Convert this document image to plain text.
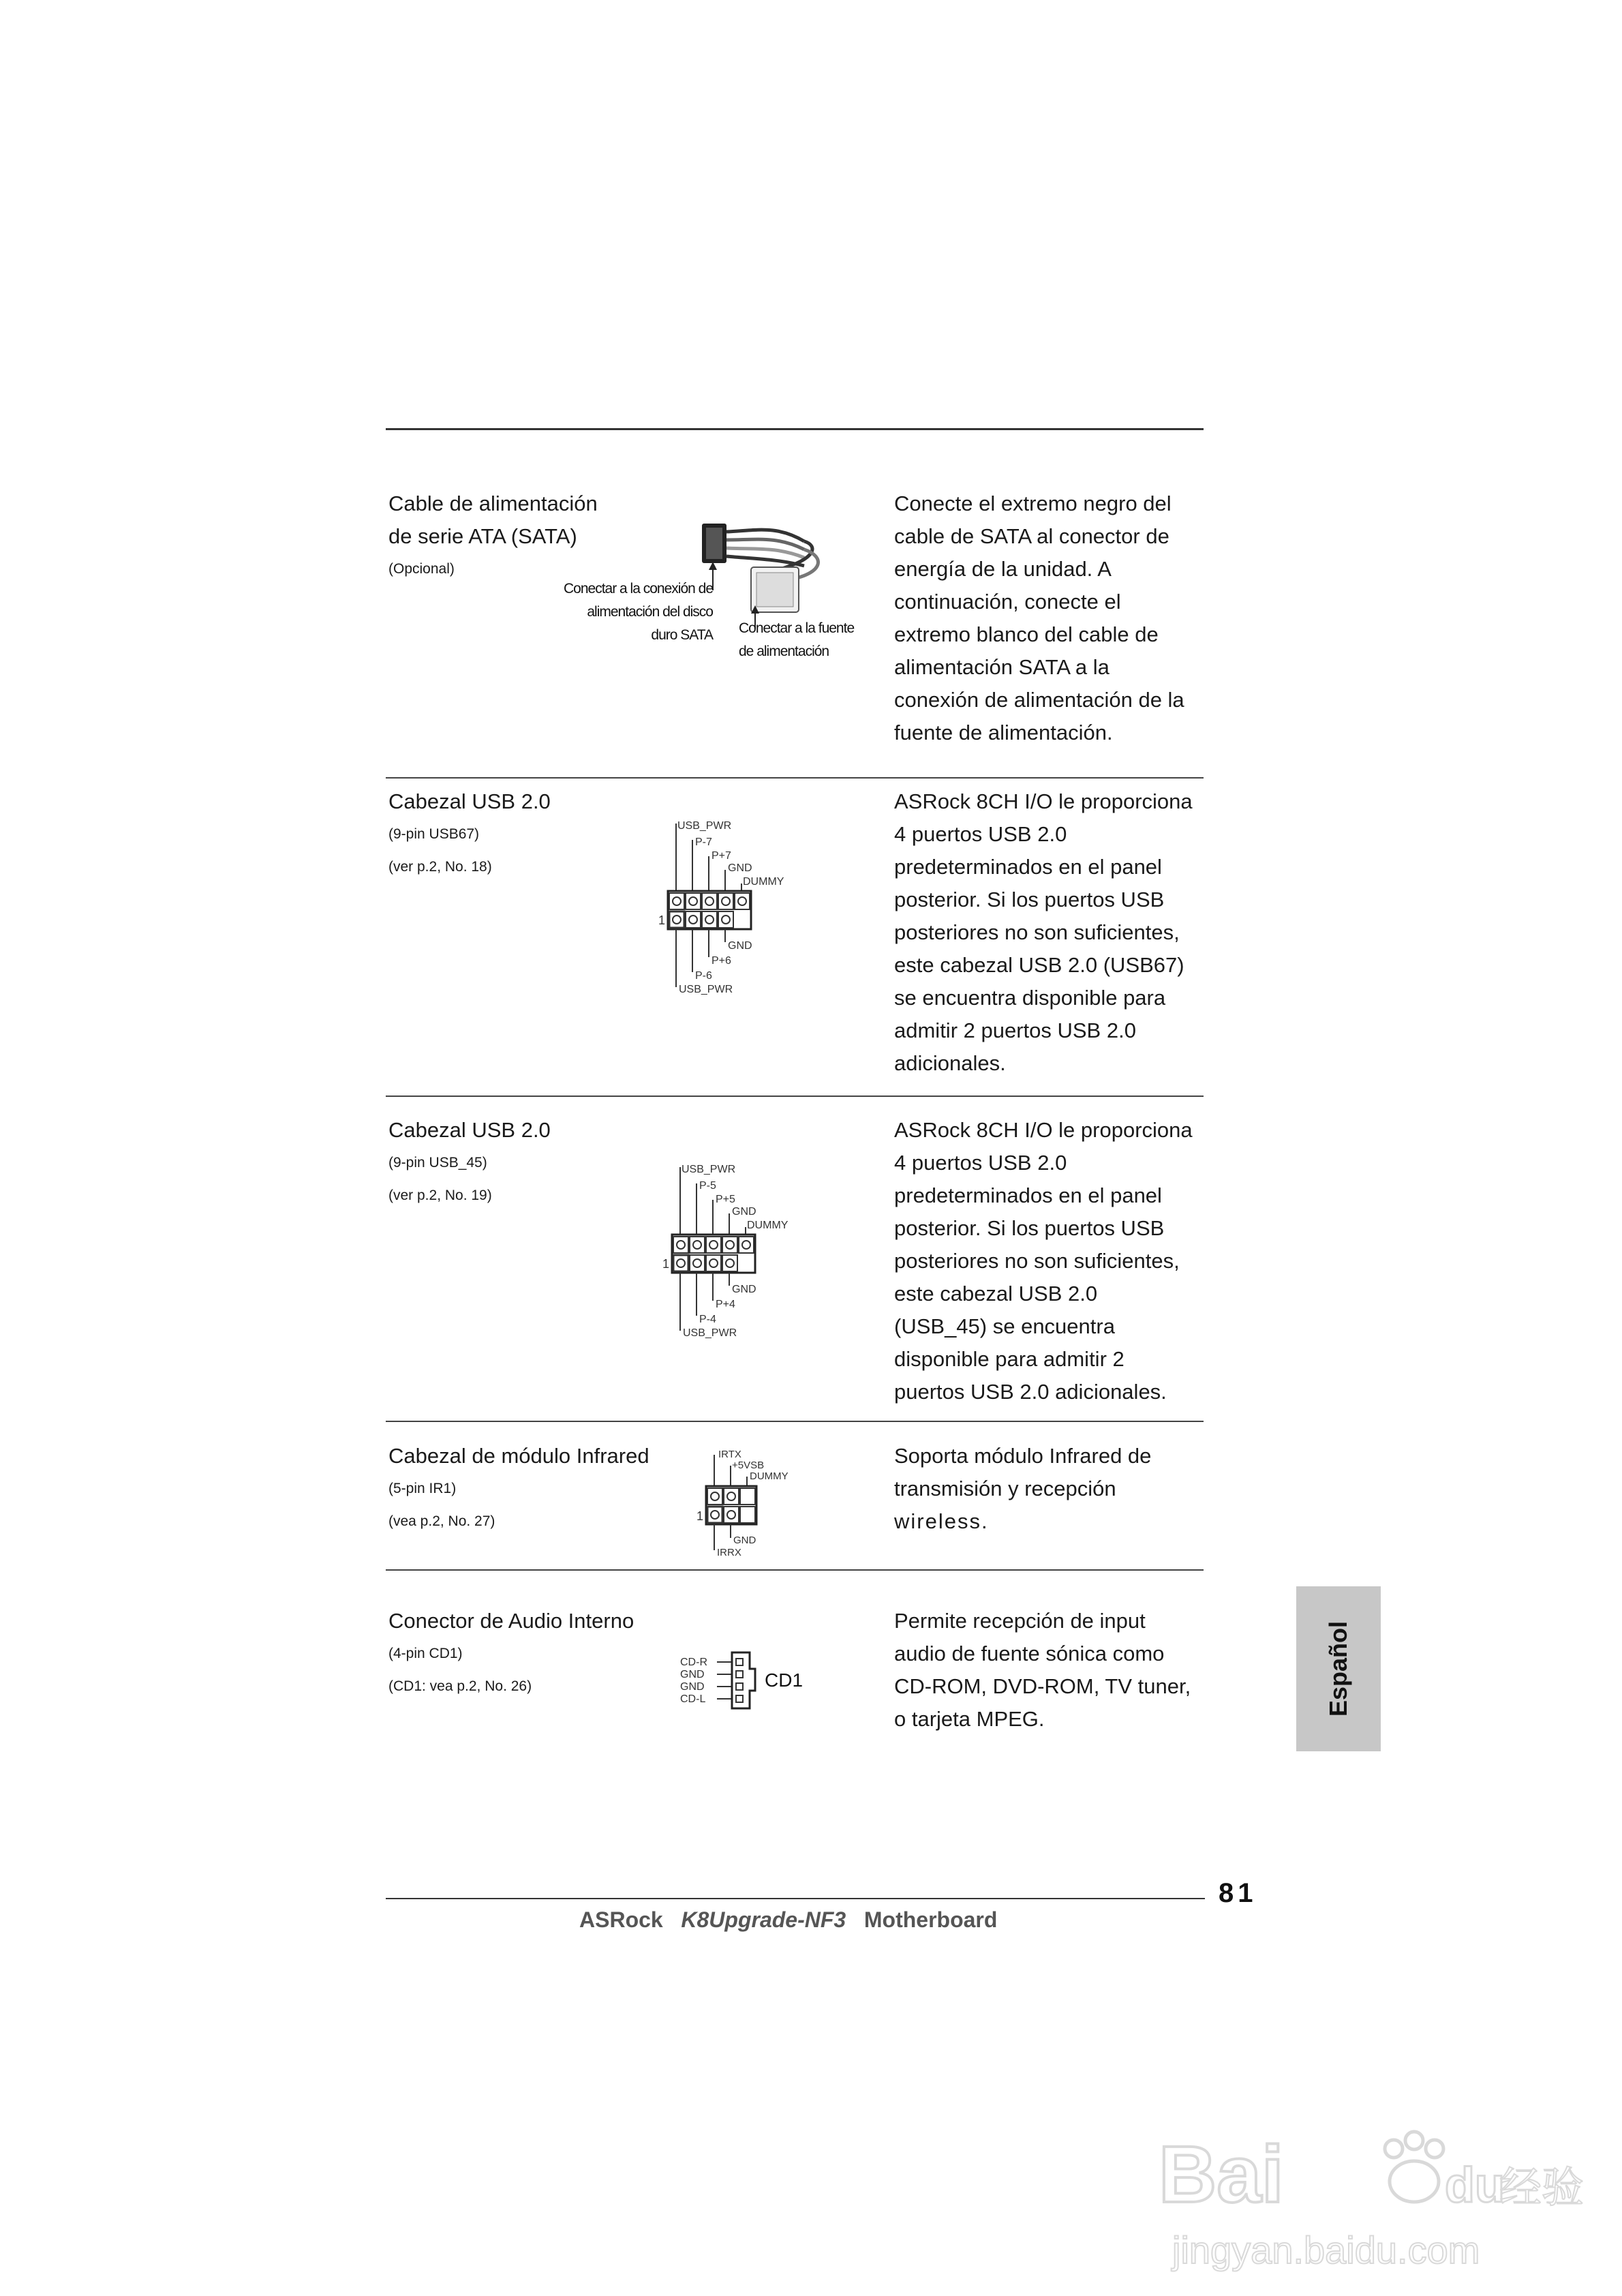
Cable de alimentación
de serie ATA (SATA)
(Opcional)
Conectar a la conexión de
alimentación del disco
duro SATA Conectar a la fuente
de alimentación
Conecte el extremo negro del
cable de SATA al conector de
energía de la unidad. A
continuación, conecte el
extremo blanco del cable de
alimentación SATA a la
conexión de alimentación de la
fuente de alimentación.
Cabezal USB 2.0
(9-pin USB67)
(ver p.2, No. 18)
USB_PWR
P-7
P+7
GND
DUMMY
1
GND
P+6
P-6
USB_PWR
ASRock 8CH I/O le proporciona
4 puertos USB 2.0
predeterminados en el panel
posterior. Si los puertos USB
posteriores no son suficientes,
este cabezal USB 2.0 (USB67)
se encuentra disponible para
admitir 2 puertos USB 2.0
adicionales.
Cabezal USB 2.0
(9-pin USB_45)
(ver p.2, No. 19)
USB_PWR
P-5
P+5
GND
DUMMY
1
GND
P+4
P-4
USB_PWR
ASRock 8CH I/O le proporciona
4 puertos USB 2.0
predeterminados en el panel
posterior. Si los puertos USB
posteriores no son suficientes,
este cabezal USB 2.0
(USB_45) se encuentra
disponible para admitir 2
puertos USB 2.0 adicionales.
Cabezal de módulo Infrared
(5-pin IR1)
(vea p.2, No. 27)
IRTX
+5VSB
DUMMY
1
GND
IRRX
Soporta módulo Infrared de
transmisión y recepción
wireless.
Conector de Audio Interno
(4-pin CD1)
(CD1: vea p.2, No. 26)
CD-R
GND
GND
CD-L
CD1
Permite recepción de input
audio de fuente sónica como
CD-ROM, DVD-ROM, TV tuner,
o tarjeta MPEG.
Español
81
ASRock K8Upgrade-NF3 Motherboard
Bai	du
经验
jingyan.baidu.com
